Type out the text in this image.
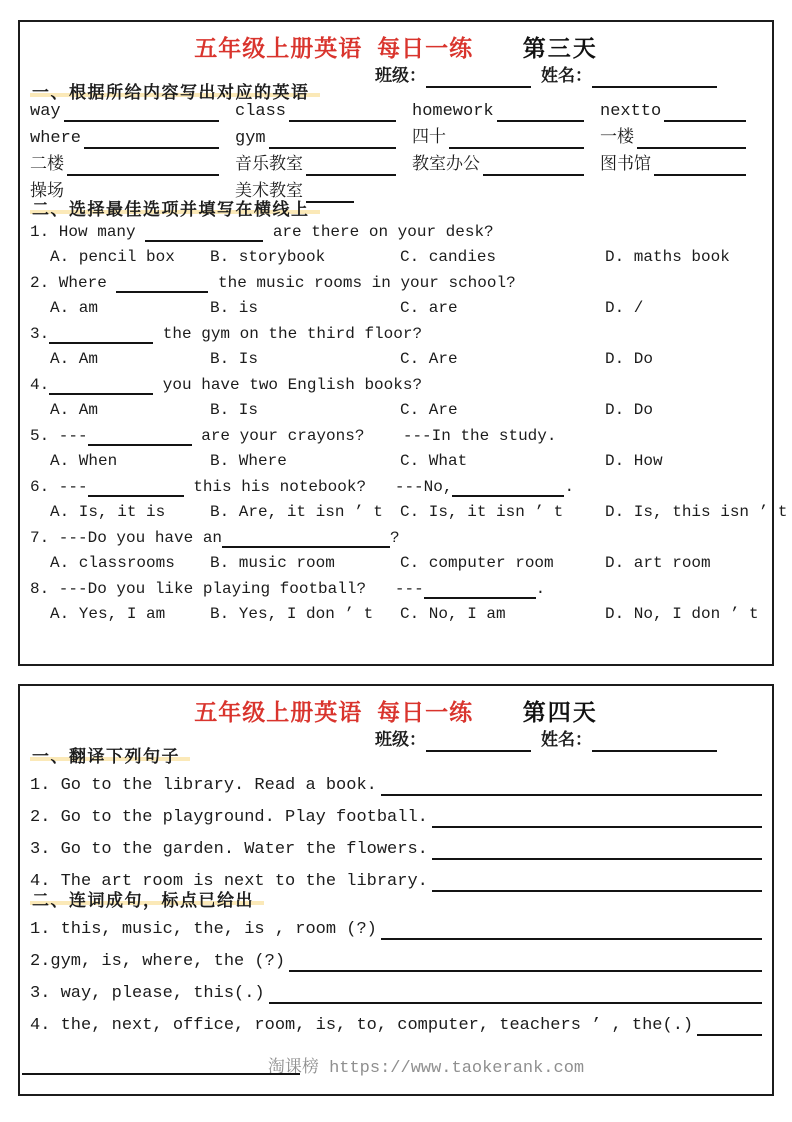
五年级上册英语 每日一练 第三天
班级：	姓名：
一、根据所给内容写出对应的英语
way	class	homework	nextto
where	gym	四十	一楼
二楼	音乐教室	教室办公	图书馆
操场	美术教室
二、选择最佳选项并填写在横线上
1. How many	are there on your desk?
A. pencil box	B. storybook	C. candies	D. maths book
2. Where	the music rooms in your school?
A. am	B. is	C. are	D. /
3.	the gym on the third floor?
A. Am	B. Is	C. Are	D. Do
4.	you have two English books?
A. Am	B. Is	C. Are	D. Do
5. ---	are your crayons?    ---In the study.
A. When	B. Where	C. What	D. How
6. ---	this his notebook?   ---No,	.
A. Is, it is	B. Are, it isn ’ t	C. Is, it isn ’ t	D. Is, this isn ’ t
7. ---Do you have an	?
A. classrooms	B. music room	C. computer room	D. art room
8. ---Do you like playing football?   ---	.
A. Yes, I am	B. Yes, I don ’ t	C. No, I am	D. No, I don ’ t
五年级上册英语 每日一练 第四天
班级：	姓名：
一、翻译下列句子
1. Go to the library. Read a book.
2. Go to the playground. Play football.
3. Go to the garden. Water the flowers.
4. The art room is next to the library.
二、连词成句，标点已给出
1. this, music, the, is , room (?)
2.gym, is, where, the (?)
3. way, please, this(.)
4. the, next, office, room, is, to, computer, teachers ’ , the(.)
淘课榜 https://www.taokerank.com
